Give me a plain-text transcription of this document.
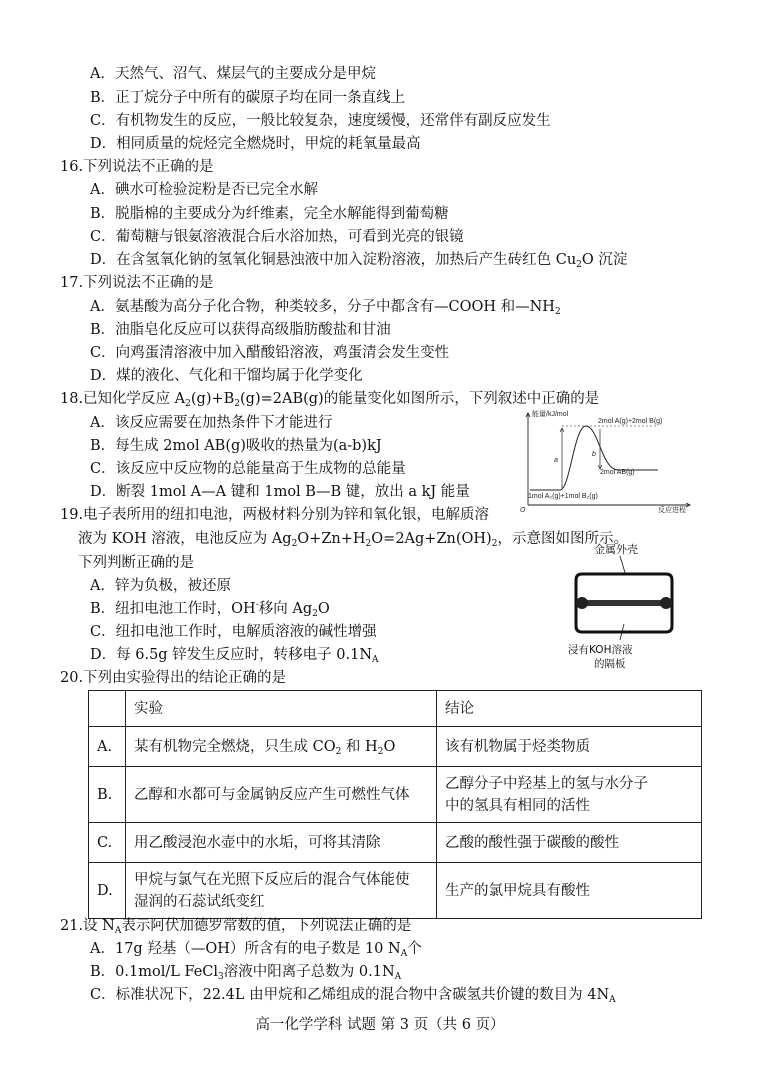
A．天然气、沼气、煤层气的主要成分是甲烷
B．正丁烷分子中所有的碳原子均在同一条直线上
C．有机物发生的反应，一般比较复杂，速度缓慢，还常伴有副反应发生
D．相同质量的烷烃完全燃烧时，甲烷的耗氧量最高
16.下列说法不正确的是
A．碘水可检验淀粉是否已完全水解
B．脱脂棉的主要成分为纤维素，完全水解能得到葡萄糖
C．葡萄糖与银氨溶液混合后水浴加热，可看到光亮的银镜
D．在含氢氧化钠的氢氧化铜悬浊液中加入淀粉溶液，加热后产生砖红色 $Cu_2O$ 沉淀
17.下列说法不正确的是
A．氨基酸为高分子化合物，种类较多，分子中都含有—COOH 和$—NH_2$
B．油脂皂化反应可以获得高级脂肪酸盐和甘油
C．向鸡蛋清溶液中加入醋酸铅溶液，鸡蛋清会发生变性
D．煤的液化、气化和干馏均属于化学变化
18.已知化学反应 $A_2(g)+B_2(g)=2AB(g)$的能量变化如图所示，下列叙述中正确的是
A．该反应需要在加热条件下才能进行
B．每生成 2mol AB(g)吸收的热量为(a-b)kJ
C．该反应中反应物的总能量高于生成物的总能量
D．断裂 1mol A—A 键和 1mol B—B 键，放出 a kJ 能量
能量/kJ/mol
2mol A(g)+2mol B(g)
2mol AB(g)
1mol A₂(g)+1mol B₂(g)
a
b
O	反应进程
19.电子表所用的纽扣电池，两极材料分别为锌和氧化银，电解质溶
液为 KOH 溶液，电池反应为 $Ag_2O+Zn+H_2O=2Ag+Zn(OH)_2$，示意图如图所示。
下列判断正确的是
A．锌为负极，被还原
B．纽扣电池工作时，OH-移向 $Ag_2O$
C．纽扣电池工作时，电解质溶液的碱性增强
D．每 6.5g 锌发生反应时，转移电子 $0.1N_A$
金属外壳
浸有KOH溶液
的隔板
20.下列由实验得出的结论正确的是
	实验	结论
A.	某有机物完全燃烧，只生成 $CO_2$ 和 $H_2O$	该有机物属于烃类物质
B.	乙醇和水都可与金属钠反应产生可燃性气体	乙醇分子中羟基上的氢与水分子
中的氢具有相同的活性

C.	用乙酸浸泡水壶中的水垢，可将其清除	乙酸的酸性强于碳酸的酸性
D.	甲烷与氯气在光照下反应后的混合气体能使
湿润的石蕊试纸变红	生产的氯甲烷具有酸性
21.设 $N_A$表示阿伏加德罗常数的值，下列说法正确的是
A．17g 羟基（—OH）所含有的电子数是 10 $N_A$个
B．0.1mol/L FeCl$_3$溶液中阳离子总数为 $0.1N_A$
C．标准状况下，22.4L 由甲烷和乙烯组成的混合物中含碳氢共价键的数目为 $4N_A$
高一化学学科 试题 第 3 页（共 6 页）
